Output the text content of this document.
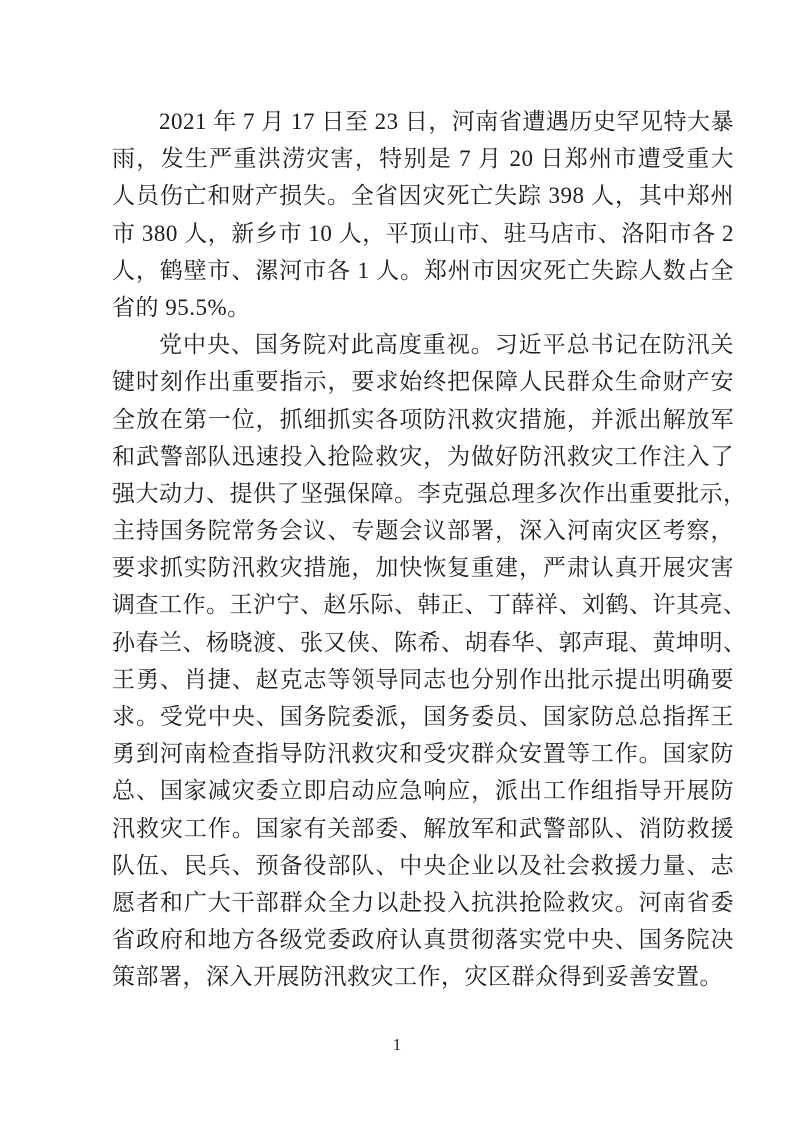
2021 年 7 月 17 日至 23 日，河南省遭遇历史罕见特大暴
雨，发生严重洪涝灾害，特别是 7 月 20 日郑州市遭受重大
人员伤亡和财产损失。全省因灾死亡失踪 398 人，其中郑州
市 380 人，新乡市 10 人，平顶山市、驻马店市、洛阳市各 2
人，鹤壁市、漯河市各 1 人。郑州市因灾死亡失踪人数占全
省的 95.5%。
党中央、国务院对此高度重视。习近平总书记在防汛关
键时刻作出重要指示，要求始终把保障人民群众生命财产安
全放在第一位，抓细抓实各项防汛救灾措施，并派出解放军
和武警部队迅速投入抢险救灾，为做好防汛救灾工作注入了
强大动力、提供了坚强保障。李克强总理多次作出重要批示，
主持国务院常务会议、专题会议部署，深入河南灾区考察，
要求抓实防汛救灾措施，加快恢复重建，严肃认真开展灾害
调查工作。王沪宁、赵乐际、韩正、丁薛祥、刘鹤、许其亮、
孙春兰、杨晓渡、张又侠、陈希、胡春华、郭声琨、黄坤明、
王勇、肖捷、赵克志等领导同志也分别作出批示提出明确要
求。受党中央、国务院委派，国务委员、国家防总总指挥王
勇到河南检查指导防汛救灾和受灾群众安置等工作。国家防
总、国家减灾委立即启动应急响应，派出工作组指导开展防
汛救灾工作。国家有关部委、解放军和武警部队、消防救援
队伍、民兵、预备役部队、中央企业以及社会救援力量、志
愿者和广大干部群众全力以赴投入抗洪抢险救灾。河南省委
省政府和地方各级党委政府认真贯彻落实党中央、国务院决
策部署，深入开展防汛救灾工作，灾区群众得到妥善安置。
1
